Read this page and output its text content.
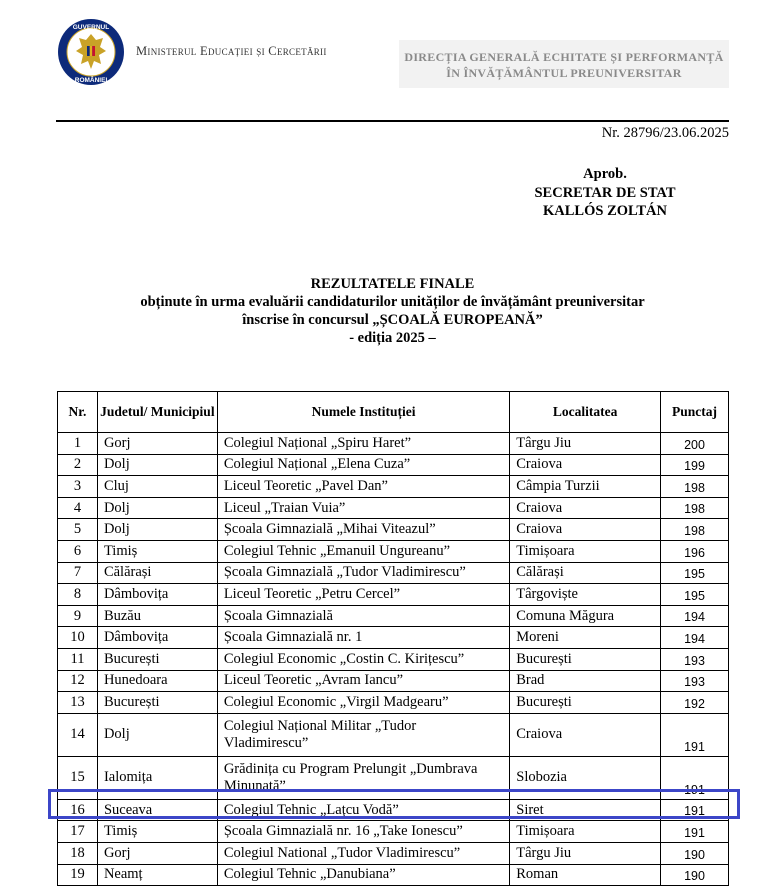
GUVERNUL
ROMÂNIEI
Ministerul Educației și Cercetării	DIRECȚIA GENERALĂ ECHITATE ȘI PERFORMANȚĂ
ÎN ÎNVĂȚĂMÂNTUL PREUNIVERSITAR
Nr. 28796/23.06.2025
Aprob.
SECRETAR DE STAT
KALLÓS ZOLTÁN
REZULTATELE FINALE
obținute în urma evaluării candidaturilor unităților de învățământ preuniversitar
înscrise în concursul „ȘCOALĂ EUROPEANĂ”
- ediția 2025 –
Nr.	Judetul/ Municipiul	Numele Instituției	Localitatea	Punctaj
1	Gorj	Colegiul Național „Spiru Haret”	Târgu Jiu	200
2	Dolj	Colegiul Național „Elena Cuza”	Craiova	199
3	Cluj	Liceul Teoretic „Pavel Dan”	Câmpia Turzii	198
4	Dolj	Liceul „Traian Vuia”	Craiova	198
5	Dolj	Școala Gimnazială „Mihai Viteazul”	Craiova	198
6	Timiș	Colegiul Tehnic „Emanuil Ungureanu”	Timișoara	196
7	Călărași	Școala Gimnazială „Tudor Vladimirescu”	Călărași	195
8	Dâmbovița	Liceul Teoretic „Petru Cercel”	Târgoviște	195
9	Buzău	Școala Gimnazială	Comuna Măgura	194
10	Dâmbovița	Școala Gimnazială nr. 1	Moreni	194
11	București	Colegiul Economic „Costin C. Kirițescu”	București	193
12	Hunedoara	Liceul Teoretic „Avram Iancu”	Brad	193
13	București	Colegiul Economic „Virgil Madgearu”	București	192
14	Dolj	Colegiul Național Militar „Tudor Vladimirescu”	Craiova	191
15	Ialomița	Grădinița cu Program Prelungit „Dumbrava Minunată”	Slobozia	191
16	Suceava	Colegiul Tehnic „Lațcu Vodă”	Siret	191
17	Timiș	Școala Gimnazială nr. 16 „Take Ionescu”	Timișoara	191
18	Gorj	Colegiul National „Tudor Vladimirescu”	Târgu Jiu	190
19	Neamț	Colegiul Tehnic „Danubiana”	Roman	190
